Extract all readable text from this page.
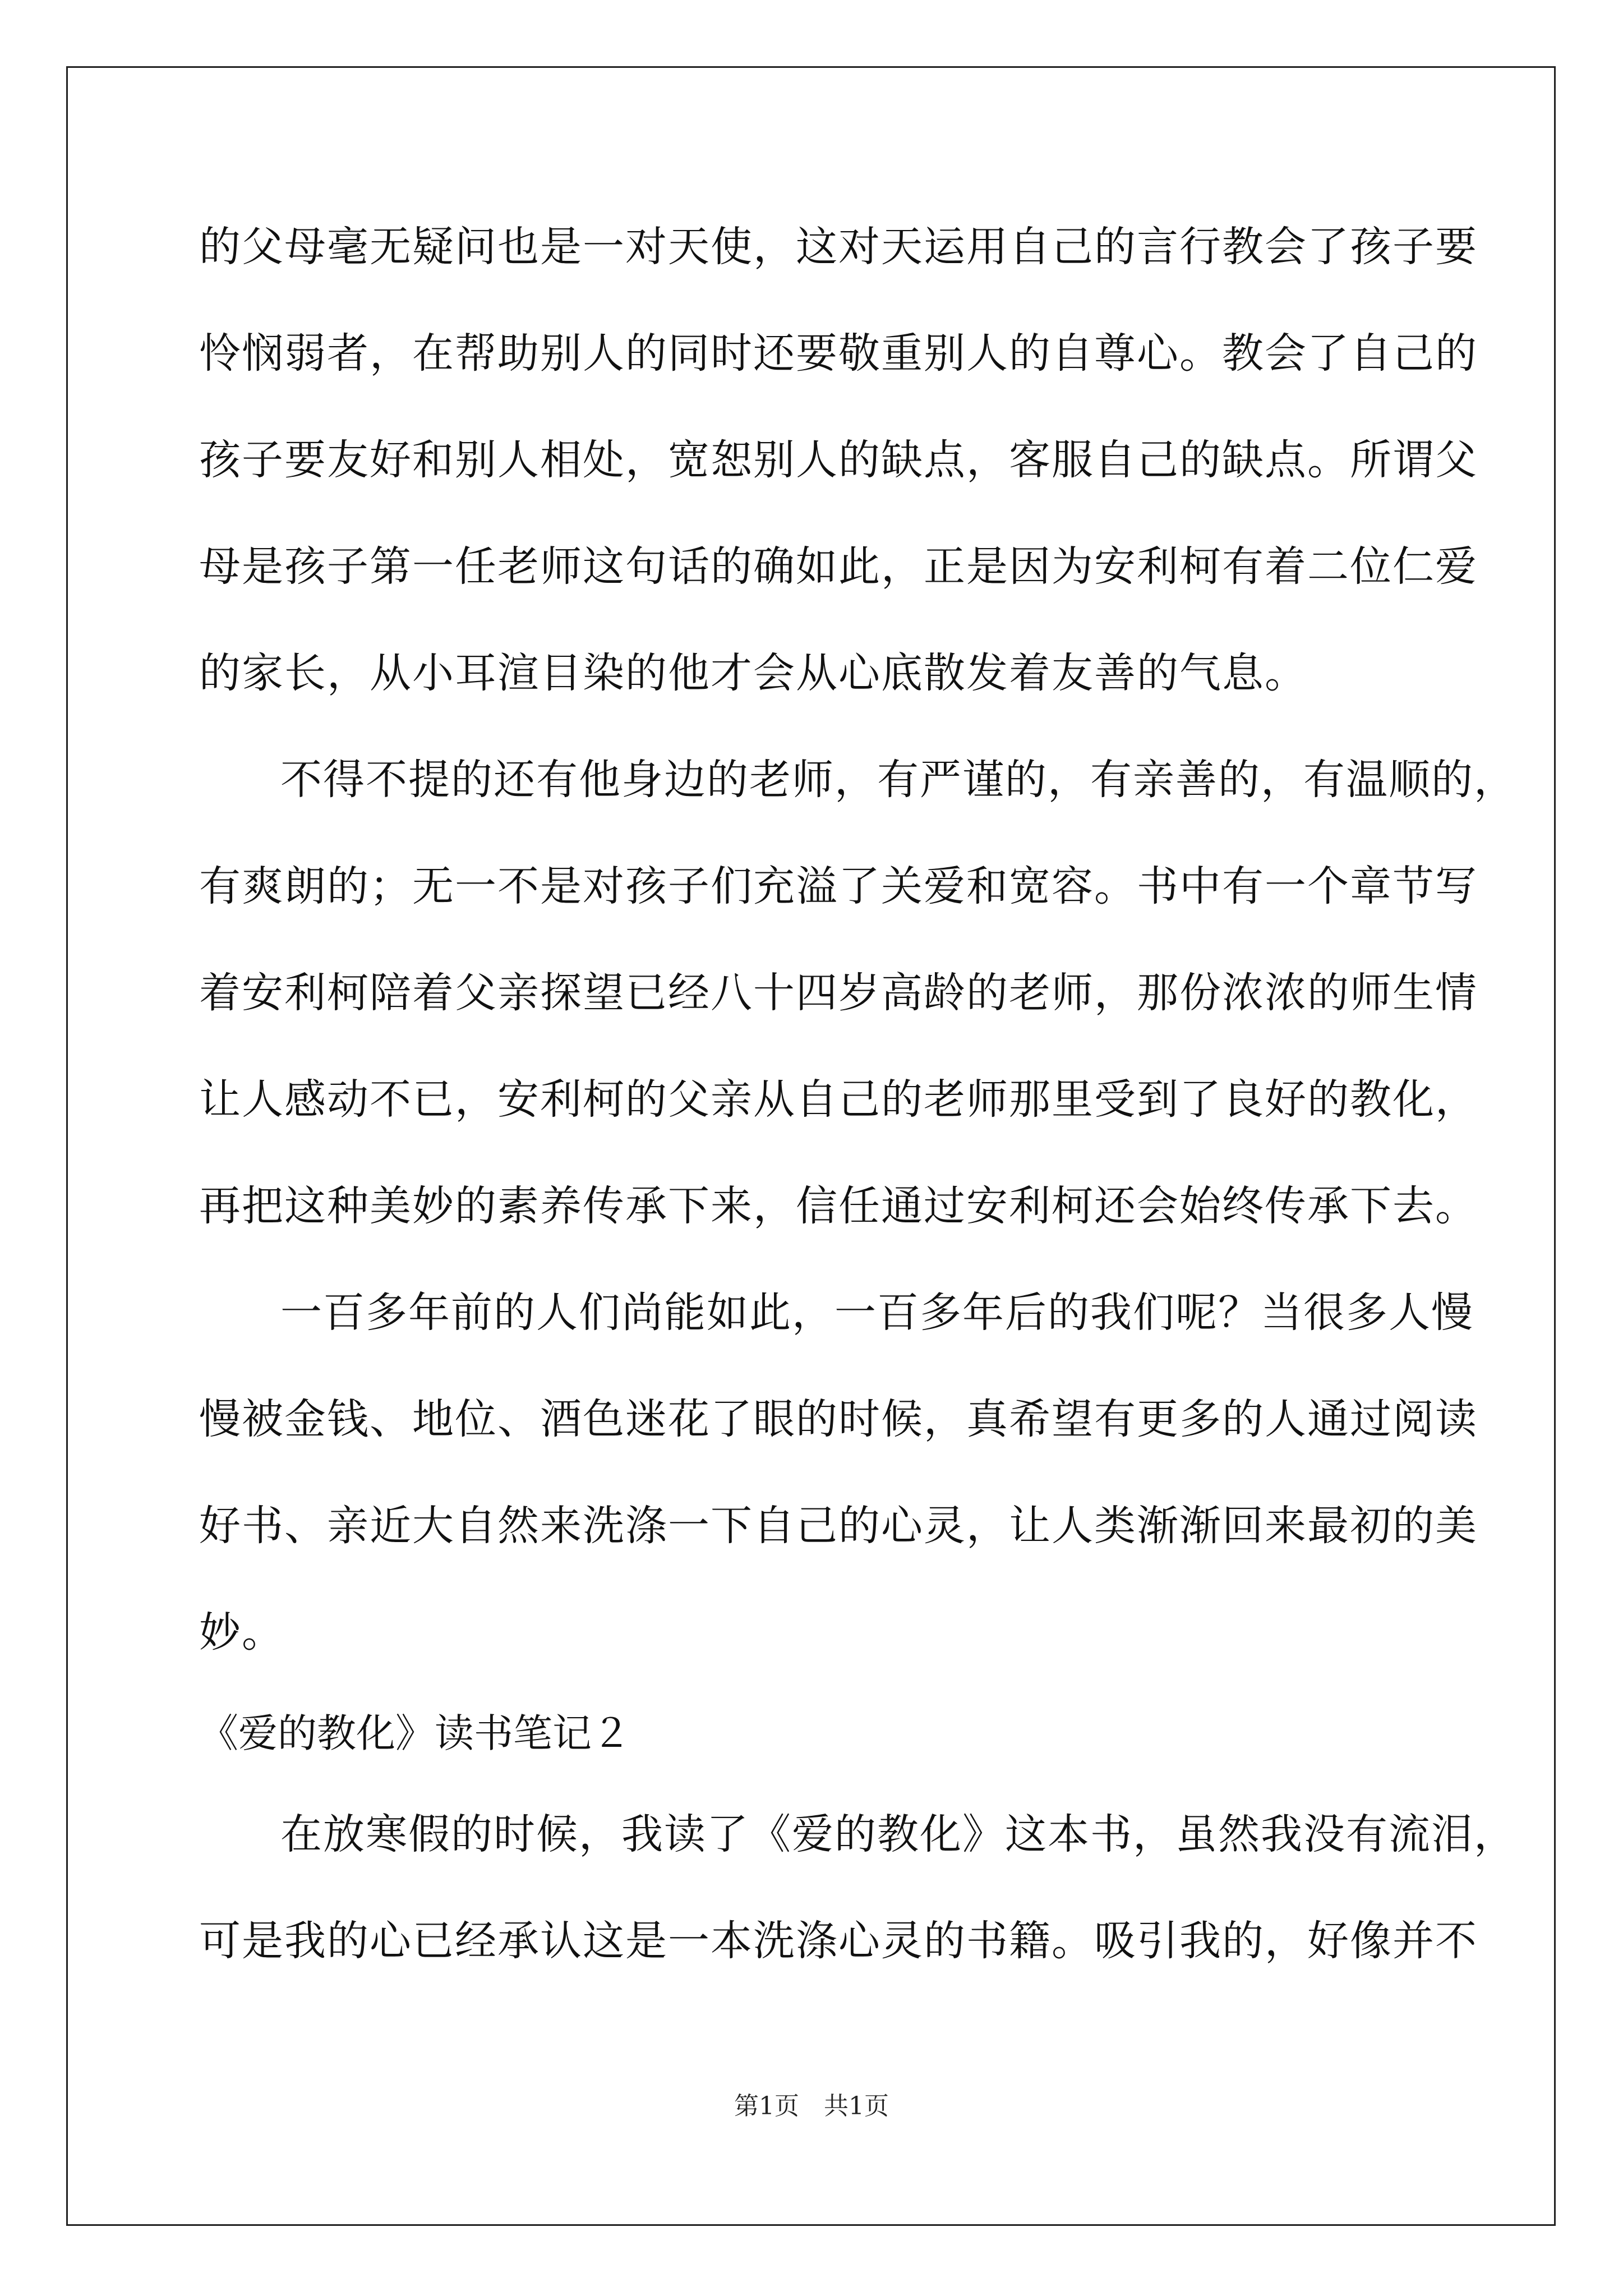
的父母毫无疑问也是一对天使，这对天运用自己的言行教会了孩子要
怜悯弱者，在帮助别人的同时还要敬重别人的自尊心。教会了自己的
孩子要友好和别人相处，宽恕别人的缺点，客服自己的缺点。所谓父
母是孩子第一任老师这句话的确如此，正是因为安利柯有着二位仁爱
的家长，从小耳渲目染的他才会从心底散发着友善的气息。
不得不提的还有他身边的老师，有严谨的，有亲善的，有温顺的，
有爽朗的；无一不是对孩子们充溢了关爱和宽容。书中有一个章节写
着安利柯陪着父亲探望已经八十四岁高龄的老师，那份浓浓的师生情
让人感动不已，安利柯的父亲从自己的老师那里受到了良好的教化，
再把这种美妙的素养传承下来，信任通过安利柯还会始终传承下去。
一百多年前的人们尚能如此，一百多年后的我们呢？当很多人慢
慢被金钱、地位、酒色迷花了眼的时候，真希望有更多的人通过阅读
好书、亲近大自然来洗涤一下自己的心灵，让人类渐渐回来最初的美
妙。
《爱的教化》读书笔记２
在放寒假的时候，我读了《爱的教化》这本书，虽然我没有流泪，
可是我的心已经承认这是一本洗涤心灵的书籍。吸引我的，好像并不
第1页　共1页
